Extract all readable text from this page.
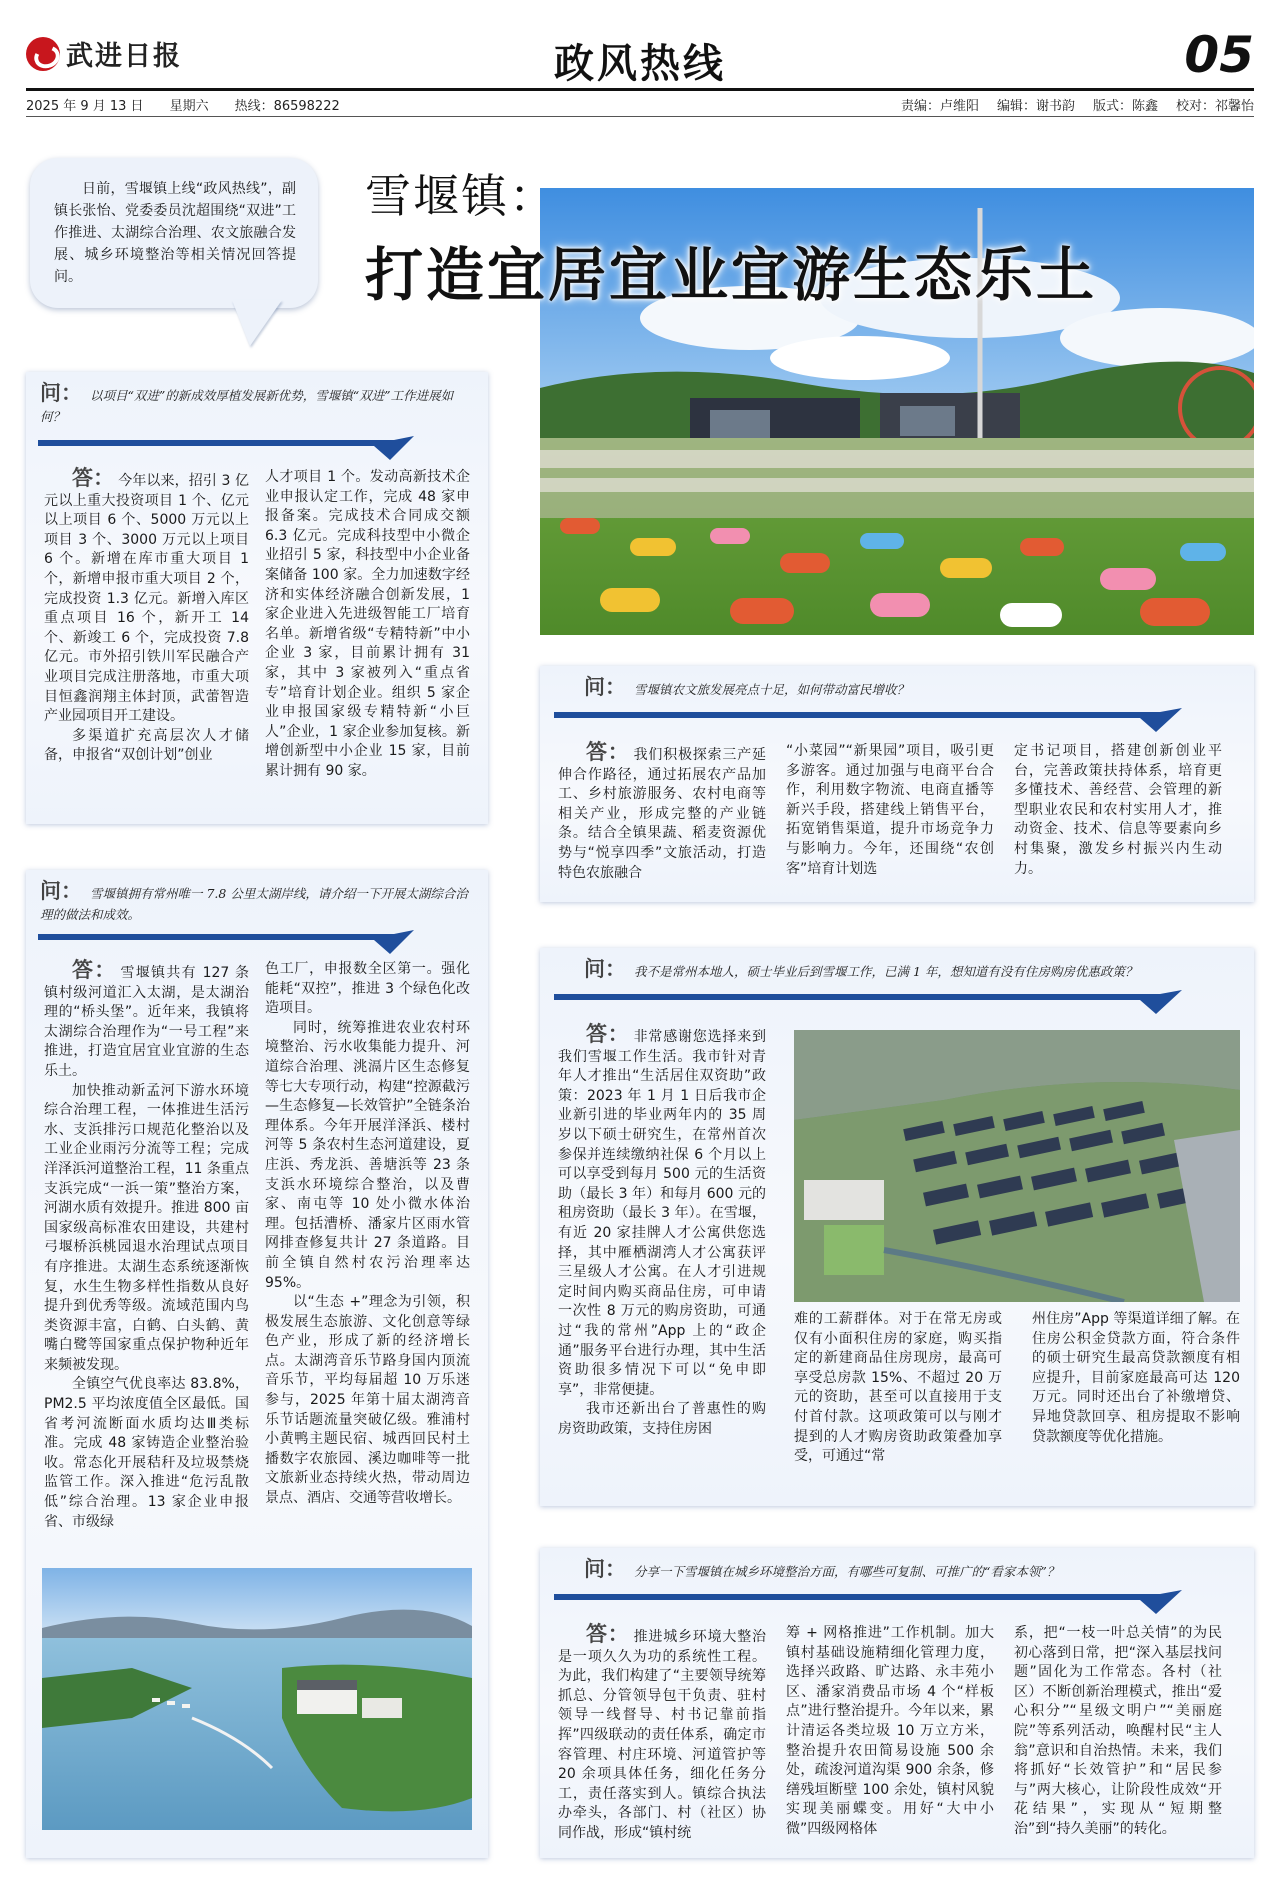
武进日报	政风热线	05
2025 年 9 月 13 日 星期六 热线：86598222	责编：卢维阳 编辑：谢书韵 版式：陈鑫 校对：祁馨怡
日前，雪堰镇上线“政风热线”，副镇长张怡、党委委员沈超围绕“双进”工作推进、太湖综合治理、农文旅融合发展、城乡环境整治等相关情况回答提问。
雪堰镇：
打造宜居宜业宜游生态乐土
问： 以项目“双进”的新成效厚植发展新优势，雪堰镇“双进”工作进展如何？

答： 今年以来，招引 3 亿元以上重大投资项目 1 个、亿元以上项目 6 个、5000 万元以上项目 3 个、3000 万元以上项目 6 个。新增在库市重大项目 1 个，新增申报市重大项目 2 个，完成投资 1.3 亿元。新增入库区重点项目 16 个，新开工 14 个、新竣工 6 个，完成投资 7.8 亿元。市外招引铁川军民融合产业项目完成注册落地，市重大项目恒鑫润翔主体封顶，武蕾智造产业园项目开工建设。

多渠道扩充高层次人才储备，申报省“双创计划”创业

人才项目 1 个。发动高新技术企业申报认定工作，完成 48 家申报备案。完成技术合同成交额 6.3 亿元。完成科技型中小微企业招引 5 家，科技型中小企业备案储备 100 家。全力加速数字经济和实体经济融合创新发展，1 家企业进入先进级智能工厂培育名单。新增省级“专精特新”中小企业 3 家，目前累计拥有 31 家，其中 3 家被列入“重点省专”培育计划企业。组织 5 家企业申报国家级专精特新“小巨人”企业，1 家企业参加复核。新增创新型中小企业 15 家，目前累计拥有 90 家。

问： 雪堰镇农文旅发展亮点十足，如何带动富民增收？

答： 我们积极探索三产延伸合作路径，通过拓展农产品加工、乡村旅游服务、农村电商等相关产业，形成完整的产业链条。结合全镇果蔬、稻麦资源优势与“悦享四季”文旅活动，打造特色农旅融合

“小菜园”“新果园”项目，吸引更多游客。通过加强与电商平台合作，利用数字物流、电商直播等新兴手段，搭建线上销售平台，拓宽销售渠道，提升市场竞争力与影响力。今年，还围绕“农创客”培育计划选

定书记项目，搭建创新创业平台，完善政策扶持体系，培育更多懂技术、善经营、会管理的新型职业农民和农村实用人才，推动资金、技术、信息等要素向乡村集聚，激发乡村振兴内生动力。

问： 雪堰镇拥有常州唯一 7.8 公里太湖岸线，请介绍一下开展太湖综合治理的做法和成效。

答： 雪堰镇共有 127 条镇村级河道汇入太湖，是太湖治理的“桥头堡”。近年来，我镇将太湖综合治理作为“一号工程”来推进，打造宜居宜业宜游的生态乐土。

加快推动新孟河下游水环境综合治理工程，一体推进生活污水、支浜排污口规范化整治以及工业企业雨污分流等工程；完成洋泽浜河道整治工程，11 条重点支浜完成“一浜一策”整治方案，河湖水质有效提升。推进 800 亩国家级高标准农田建设，共建村弓堰桥浜桃园退水治理试点项目有序推进。太湖生态系统逐渐恢复，水生生物多样性指数从良好提升到优秀等级。流域范围内鸟类资源丰富，白鹤、白头鹤、黄嘴白鹭等国家重点保护物种近年来频被发现。

全镇空气优良率达 83.8%，PM2.5 平均浓度值全区最低。国省考河流断面水质均达Ⅲ类标准。完成 48 家铸造企业整治验收。常态化开展秸秆及垃圾禁烧监管工作。深入推进“危污乱散低”综合治理。13 家企业申报省、市级绿

色工厂，申报数全区第一。强化能耗“双控”，推进 3 个绿色化改造项目。

同时，统筹推进农业农村环境整治、污水收集能力提升、河道综合治理、洮滆片区生态修复等七大专项行动，构建“控源截污—生态修复—长效管护”全链条治理体系。今年开展洋泽浜、楼村河等 5 条农村生态河道建设，夏庄浜、秀龙浜、善塘浜等 23 条支浜水环境综合整治，以及曹家、南屯等 10 处小微水体治理。包括漕桥、潘家片区雨水管网排查修复共计 27 条道路。目前全镇自然村农污治理率达 95%。

以“生态 +”理念为引领，积极发展生态旅游、文化创意等绿色产业，形成了新的经济增长点。太湖湾音乐节路身国内顶流音乐节，平均每届超 10 万乐迷参与，2025 年第十届太湖湾音乐节话题流量突破亿级。雅浦村小黄鸭主题民宿、城西回民村土播数字农旅园、溪边咖啡等一批文旅新业态持续火热，带动周边景点、酒店、交通等营收增长。

问： 我不是常州本地人，硕士毕业后到雪堰工作，已满 1 年，想知道有没有住房购房优惠政策？

答： 非常感谢您选择来到我们雪堰工作生活。我市针对青年人才推出“生活居住双资助”政策：2023 年 1 月 1 日后我市企业新引进的毕业两年内的 35 周岁以下硕士研究生，在常州首次参保并连续缴纳社保 6 个月以上可以享受到每月 500 元的生活资助（最长 3 年）和每月 600 元的租房资助（最长 3 年）。在雪堰，有近 20 家挂牌人才公寓供您选择，其中雁栖湖湾人才公寓获评三星级人才公寓。在人才引进规定时间内购买商品住房，可申请一次性 8 万元的购房资助，可通过“我的常州”App 上的“政企通”服务平台进行办理，其中生活资助很多情况下可以“免申即享”，非常便捷。

我市还新出台了普惠性的购房资助政策，支持住房困

难的工薪群体。对于在常无房或仅有小面积住房的家庭，购买指定的新建商品住房现房，最高可享受总房款 15%、不超过 20 万元的资助，甚至可以直接用于支付首付款。这项政策可以与刚才提到的人才购房资助政策叠加享受，可通过“常

州住房”App 等渠道详细了解。在住房公积金贷款方面，符合条件的硕士研究生最高贷款额度有相应提升，目前家庭最高可达 120 万元。同时还出台了补缴增贷、异地贷款回享、租房提取不影响贷款额度等优化措施。

问： 分享一下雪堰镇在城乡环境整治方面，有哪些可复制、可推广的“看家本领”？

答： 推进城乡环境大整治是一项久久为功的系统性工程。为此，我们构建了“主要领导统筹抓总、分管领导包干负责、驻村领导一线督导、村书记靠前指挥”四级联动的责任体系，确定市容管理、村庄环境、河道管护等 20 余项具体任务，细化任务分工，责任落实到人。镇综合执法办牵头，各部门、村（社区）协同作战，形成“镇村统

筹 + 网格推进”工作机制。加大镇村基础设施精细化管理力度，选择兴政路、旷达路、永丰苑小区、潘家消费品市场 4 个“样板点”进行整治提升。今年以来，累计清运各类垃圾 10 万立方米，整治提升农田简易设施 500 余处，疏浚河道沟渠 900 余条，修缮残垣断壁 100 余处，镇村风貌实现美丽蝶变。用好“大中小微”四级网格体

系，把“一枝一叶总关情”的为民初心落到日常，把“深入基层找问题”固化为工作常态。各村（社区）不断创新治理模式，推出“爱心积分”“星级文明户”“美丽庭院”等系列活动，唤醒村民“主人翁”意识和自治热情。未来，我们将抓好“长效管护”和“居民参与”两大核心，让阶段性成效“开花结果”，实现从“短期整治”到“持久美丽”的转化。
